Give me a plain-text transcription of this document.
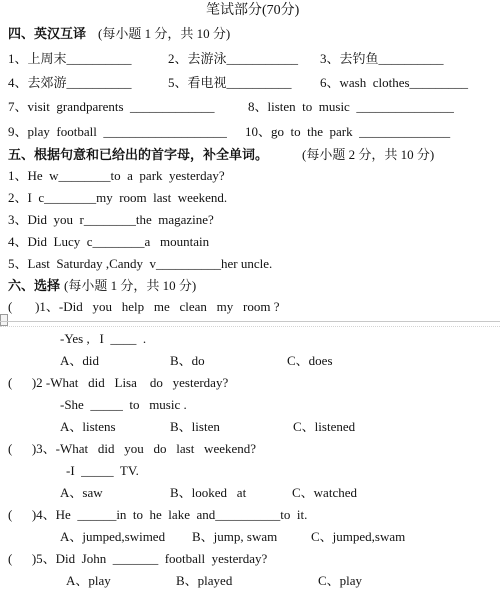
笔试部分(70分)
四、英汉互译 (每小题 1 分，共 10 分)
1、上周末__________	2、去游泳___________ 3、去钓鱼__________
4、去郊游__________	5、看电视__________ 6、wash  clothes_________
7、visit  grandparents  _____________	8、listen  to  music  _______________
9、play  football  ___________________ 10、go  to  the  park  ______________
五、根据句意和已给出的首字母，补全单词。	(每小题 2 分，共 10 分)
1、He  w________to  a  park  yesterday?
2、I  c________my  room  last  weekend.
3、Did  you  r________the  magazine?
4、Did  Lucy  c________a   mountain
5、Last  Saturday ,Candy  v__________her uncle.
六、选择 (每小题 1 分，共 10 分)
(       )1、-Did   you   help   me   clean   my   room ?
-Yes ,   I  ____  .
A、did	B、do	C、does
(      )2 -What   did   Lisa    do   yesterday?
-She  _____  to   music .
A、listens	B、listen	C、listened
(      )3、-What   did   you   do   last   weekend?
-I  _____  TV.
A、saw	B、looked   at	C、watched
(      )4、He  ______in  to  he  lake  and__________to  it.
A、jumped,swimed B、jump, swam	C、jumped,swam
(      )5、Did  John  _______  football  yesterday?
A、play	B、played	C、play
